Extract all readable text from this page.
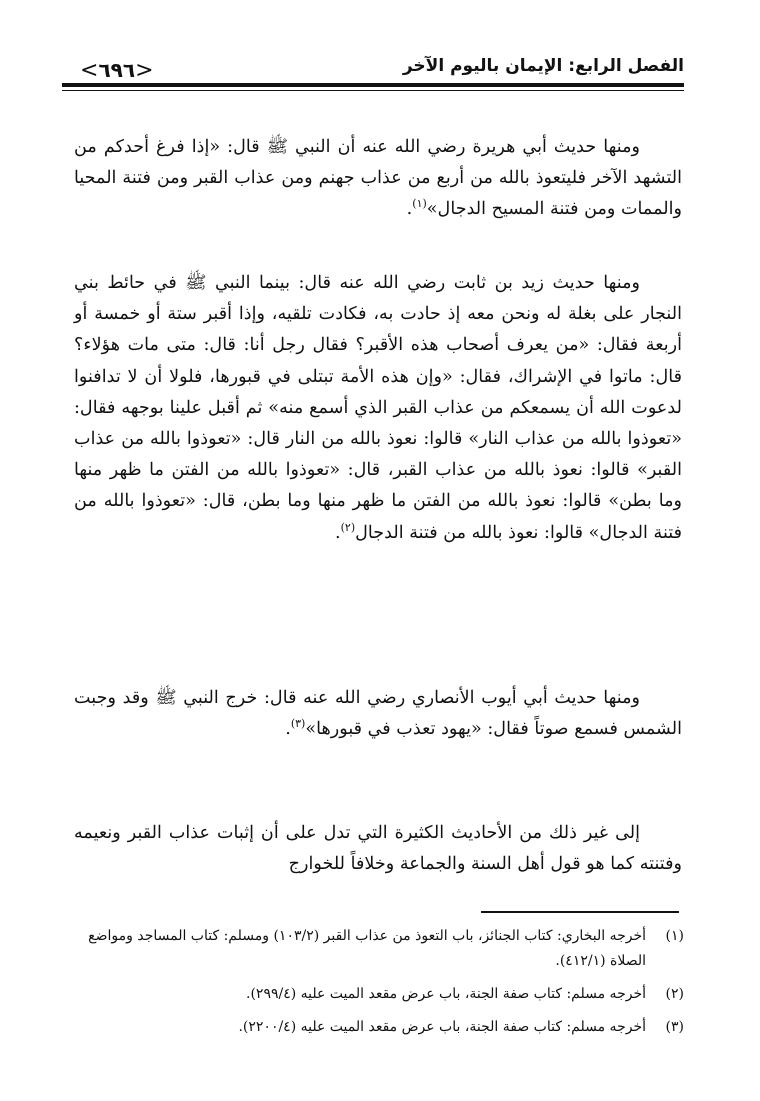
<٦٩٦>	الفصل الرابع: الإيمان باليوم الآخر

ومنها حديث أبي هريرة رضي الله عنه أن النبي ﷺ قال: «إذا فرغ أحدكم من التشهد الآخر فليتعوذ بالله من أربع من عذاب جهنم ومن عذاب القبر ومن فتنة المحيا والممات ومن فتنة المسيح الدجال»$^{(١)}$.

ومنها حديث زيد بن ثابت رضي الله عنه قال: بينما النبي ﷺ في حائط بني النجار على بغلة له ونحن معه إذ حادت به، فكادت تلقيه، وإذا أقبر ستة أو خمسة أو أربعة فقال: «من يعرف أصحاب هذه الأقبر؟ فقال رجل أنا: قال: متى مات هؤلاء؟ قال: ماتوا في الإشراك، فقال: «وإن هذه الأمة تبتلى في قبورها، فلولا أن لا تدافنوا لدعوت الله أن يسمعكم من عذاب القبر الذي أسمع منه» ثم أقبل علينا بوجهه فقال: «تعوذوا بالله من عذاب النار» قالوا: نعوذ بالله من النار قال: «تعوذوا بالله من عذاب القبر» قالوا: نعوذ بالله من عذاب القبر، قال: «تعوذوا بالله من الفتن ما ظهر منها وما بطن» قالوا: نعوذ بالله من الفتن ما ظهر منها وما بطن، قال: «تعوذوا بالله من فتنة الدجال» قالوا: نعوذ بالله من فتنة الدجال$^{(٢)}$.

ومنها حديث أبي أيوب الأنصاري رضي الله عنه قال: خرج النبي ﷺ وقد وجبت الشمس فسمع صوتاً فقال: «يهود تعذب في قبورها»$^{(٣)}$.

إلى غير ذلك من الأحاديث الكثيرة التي تدل على أن إثبات عذاب القبر ونعيمه وفتنته كما هو قول أهل السنة والجماعة وخلافاً للخوارج

(١)
أخرجه البخاري: كتاب الجنائز، باب التعوذ من عذاب القبر (١٠٣/٢) ومسلم: كتاب المساجد ومواضع الصلاة (٤١٢/١).
(٢)
أخرجه مسلم: كتاب صفة الجنة، باب عرض مقعد الميت عليه (٢٩٩/٤).
(٣)
أخرجه مسلم: كتاب صفة الجنة، باب عرض مقعد الميت عليه (٢٢٠٠/٤).
